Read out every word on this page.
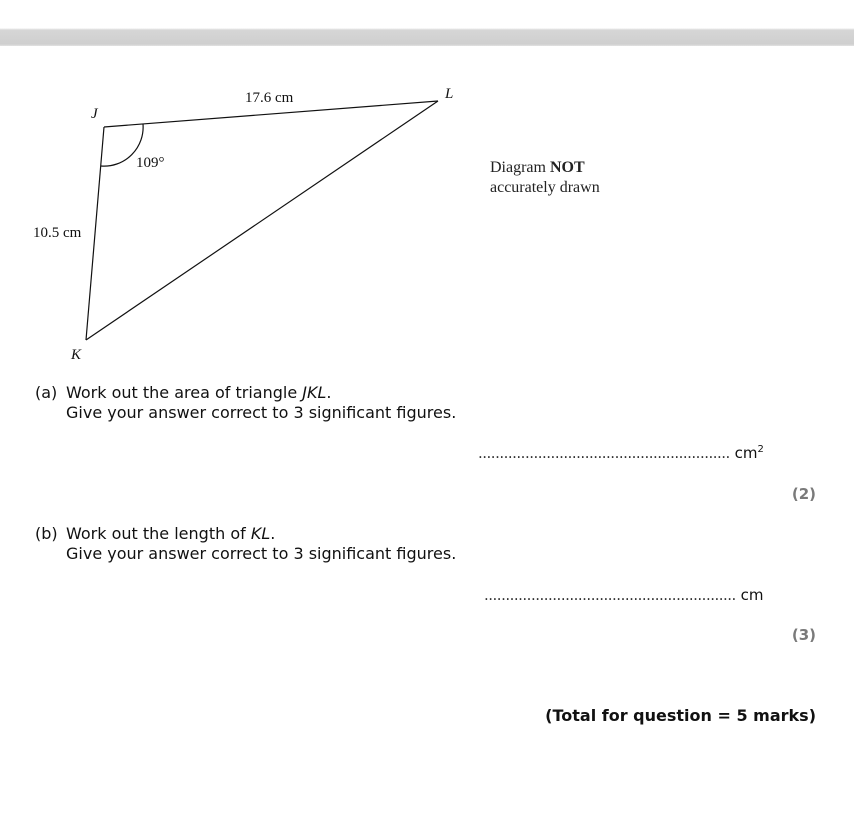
J
L
K
17.6 cm
10.5 cm
109°	Diagram NOT
accurately drawn
(a) Work out the area of triangle JKL.
Give your answer correct to 3 significant figures.
........................................................... $cm^2$
(2)
(b) Work out the length of KL.
Give your answer correct to 3 significant figures.
........................................................... cm
(3)
(Total for question = 5 marks)
